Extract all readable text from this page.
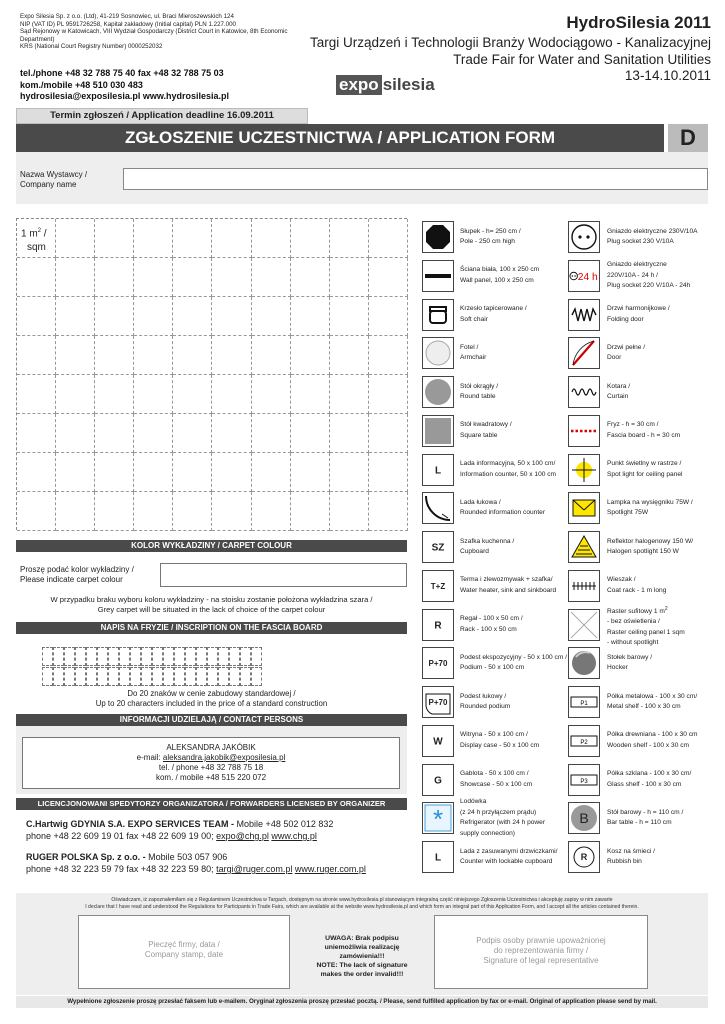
Expo Silesia Sp. z o.o. (Ltd), 41-219 Sosnowiec, ul. Braci Mieroszewskich 124
NIP (VAT ID) PL 9591726258, Kapitał zakładowy (Initial capital) PLN 1.227.000
Sąd Rejonowy w Katowicach, VIII Wydział Gospodarczy (District Court in Katowice, 8th Economic Department)
KRS (National Court Registry Number) 0000252032
tel./phone +48 32 788 75 40 fax +48 32 788 75 03
kom./mobile +48 510 030 483
hydrosilesia@exposilesia.pl www.hydrosilesia.pl
HydroSilesia 2011
Targi Urządzeń i Technologii Branży Wodociągowo - Kanalizacyjnej
Trade Fair for Water and Sanitation Utilities
13-14.10.2011
expo silesia
Termin zgłoszeń / Application deadline 16.09.2011
ZGŁOSZENIE UCZESTNICTWA / APPLICATION FORM	D
Nazwa Wystawcy /
Company name
1 $m^2$ /
sqm
KOLOR WYKŁADZINY / CARPET COLOUR
Proszę podać kolor wykładziny /
Please indicate carpet colour
W przypadku braku wyboru koloru wykładziny - na stoisku zostanie położona wykładzina szara /
Grey carpet will be situated in the lack of choice of the carpet colour
NAPIS NA FRYZIE / INSCRIPTION ON THE FASCIA BOARD
Do 20 znaków w cenie zabudowy standardowej /
Up to 20 characters included in the price of a standard construction
INFORMACJI UDZIELAJĄ / CONTACT PERSONS
ALEKSANDRA JAKÓBIK
e-mail: aleksandra.jakobik@exposilesia.pl
tel. / phone +48 32 788 75 18
kom. / mobile +48 515 220 072
LICENCJONOWANI SPEDYTORZY ORGANIZATORA / FORWARDERS LICENSED BY ORGANIZER
C.Hartwig GDYNIA S.A. EXPO SERVICES TEAM - Mobile +48 502 012 832
phone +48 22 609 19 01 fax +48 22 609 19 00; expo@chg.pl www.chg.pl
RUGER POLSKA Sp. z o.o. - Mobile 503 057 906
phone +48 32 223 59 79 fax +48 32 223 59 80; targi@ruger.com.pl www.ruger.com.pl
Słupek - h= 250 cm /
Pole - 250 cm high
Ściana biała, 100 x 250 cm
Wall panel, 100 x 250 cm
Krzesło tapicerowane /
Soft chair
Fotel /
Armchair
Stół okrągły /
Round table
Stół kwadratowy /
Square table
L
Lada informacyjna, 50 x 100 cm/
Information counter, 50 x 100 cm
Lada łukowa /
Rounded information counter
SZ
Szafka kuchenna /
Cupboard
T+Z
Terma i zlewozmywak + szafka/
Water heater, sink and sinkboard
R
Regał - 100 x 50 cm /
Rack - 100 x 50 cm
P+70
Podest ekspozycyjny - 50 x 100 cm /
Podium - 50 x 100 cm
P+70
Podest łukowy /
Rounded podium
W
Witryna - 50 x 100 cm /
Display case - 50 x 100 cm
G
Gablota - 50 x 100 cm /
Showcase - 50 x 100 cm
*
Lodówka
(z 24 h przyłączem prądu)
Refrigerator (with 24 h power
supply connection)
L
Lada z zasuwanymi drzwiczkami/
Counter with lockable cupboard
Gniazdo elektryczne 230V/10A
Plug socket 230 V/10A
24 h
Gniazdo elektryczne
220V/10A - 24 h /
Plug socket 220 V/10A - 24h
Drzwi harmonijkowe /
Folding door
Drzwi pełne /
Door
Kotara /
Curtain
Fryz - h = 30 cm /
Fascia board - h = 30 cm
Punkt świetlny w rastrze /
Spot light for ceiling panel
Lampka na wysięgniku 75W /
Spotlight 75W
Reflektor halogenowy 150 W/
Halogen spotlight 150 W
Wieszak /
Coat rack - 1 m long
Raster sufitowy 1 $m^2$
- bez oświetlenia /
Raster ceiling panel 1 sqm
- without spotlight
Stołek barowy /
Hocker
P1
Półka metalowa - 100 x 30 cm/
Metal shelf - 100 x 30 cm
P2
Półka drewniana - 100 x 30 cm
Wooden shelf - 100 x 30 cm
P3
Półka szklana - 100 x 30 cm/
Glass shelf - 100 x 30 cm
B	Stół barowy - h = 110 cm /
Bar table - h = 110 cm
R
Kosz na śmieci /
Rubbish bin
Oświadczam, iż zapoznałem/łam się z Regulaminem Uczestnictwa w Targach, dostępnym na stronie www.hydrosilesia.pl stanowiącym integralną część niniejszego Zgłoszenia Uczestnictwa i akceptuję zapisy w nim zawarte
I declare that I have read and understood the Regulations for Participants in Trade Fairs, which are available at the website www.hydrosilesia.pl and which form an integral part of this Application Form, and I accept all the articles contained therein.
Pieczęć firmy, data /
Company stamp, date
UWAGA: Brak podpisu
uniemożliwia realizację zamówienia!!!
NOTE: The lack of signature
makes the order invalid!!!
Podpis osoby prawnie upoważnionej
do reprezentowania firmy /
Signature of legal representative
Wypełnione zgłoszenie proszę przesłać faksem lub e-mailem. Oryginał zgłoszenia proszę przesłać pocztą. / Please, send fulfilled application by fax or e-mail. Original of application please send by mail.
